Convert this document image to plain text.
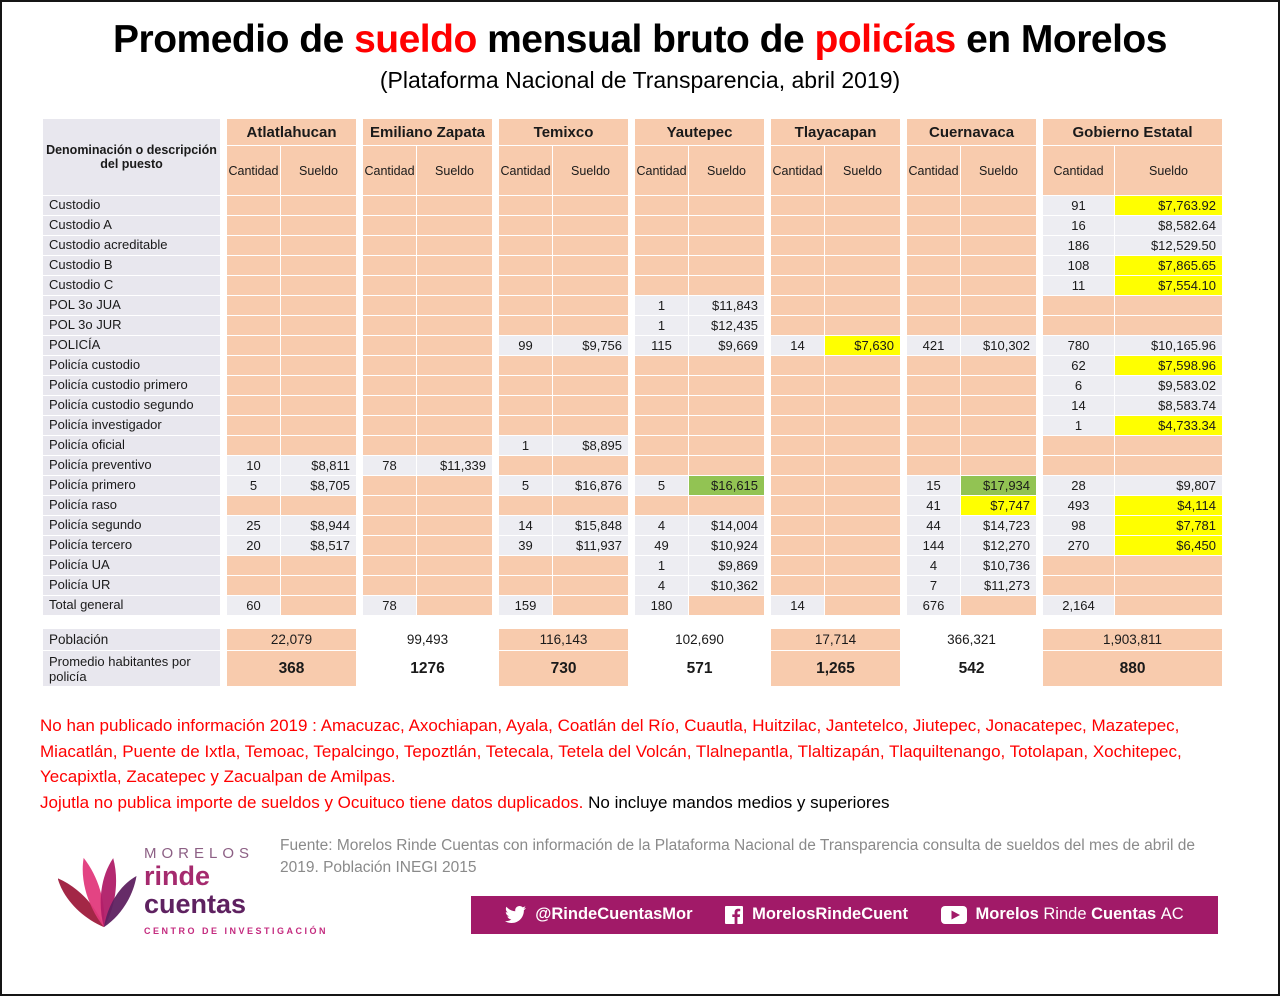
Promedio de sueldo mensual bruto de policías en Morelos
(Plataforma Nacional de Transparencia, abril 2019)
Denominación o descripción del puesto		Atlatlahucan			Emiliano Zapata			Temixco			Yautepec			Tlayacapan			Cuernavaca			Gobierno Estatal	
		Cantidad	Sueldo		Cantidad	Sueldo		Cantidad	Sueldo		Cantidad	Sueldo		Cantidad	Sueldo		Cantidad	Sueldo		Cantidad	Sueldo
Custodio																				91	$7,763.92
Custodio A																				16	$8,582.64
Custodio acreditable																				186	$12,529.50
Custodio B																				108	$7,865.65
Custodio C																				11	$7,554.10
POL 3o JUA											1	$11,843									
POL 3o JUR											1	$12,435									
POLICÍA								99	$9,756		115	$9,669		14	$7,630		421	$10,302		780	$10,165.96
Policía custodio																				62	$7,598.96
Policía custodio primero																				6	$9,583.02
Policía custodio segundo																				14	$8,583.74
Policía investigador																				1	$4,733.34
Policía oficial								1	$8,895												
Policía preventivo		10	$8,811		78	$11,339															
Policía primero		5	$8,705					5	$16,876		5	$16,615					15	$17,934		28	$9,807
Policía raso																	41	$7,747		493	$4,114
Policía segundo		25	$8,944					14	$15,848		4	$14,004					44	$14,723		98	$7,781
Policía tercero		20	$8,517					39	$11,937		49	$10,924					144	$12,270		270	$6,450
Policía UA											1	$9,869					4	$10,736			
Policía UR											4	$10,362					7	$11,273			
Total general		60			78			159			180			14			676			2,164	

Población		22,079			99,493			116,143			102,690			17,714			366,321			1,903,811	
Promedio habitantes por policía		368			1276			730			571			1,265			542			880	

No han publicado información 2019 : Amacuzac, Axochiapan, Ayala, Coatlán del Río, Cuautla, Huitzilac, Jantetelco, Jiutepec, Jonacatepec, Mazatepec, Miacatlán, Puente de Ixtla, Temoac, Tepalcingo, Tepoztlán, Tetecala, Tetela del Volcán, Tlalnepantla, Tlaltizapán, Tlaquiltenango, Totolapan, Xochitepec, Yecapixtla, Zacatepec y Zacualpan de Amilpas.

Jojutla no publica importe de sueldos y Ocuituco tiene datos duplicados. No incluye mandos medios y superiores

MORELOS
rinde
cuentas
CENTRO DE INVESTIGACIÓN

Fuente: Morelos Rinde Cuentas con información de la Plataforma Nacional de Transparencia consulta de sueldos del mes de abril de 2019. Población INEGI 2015

@RindeCuentasMor	MorelosRindeCuent	Morelos Rinde Cuentas AC
